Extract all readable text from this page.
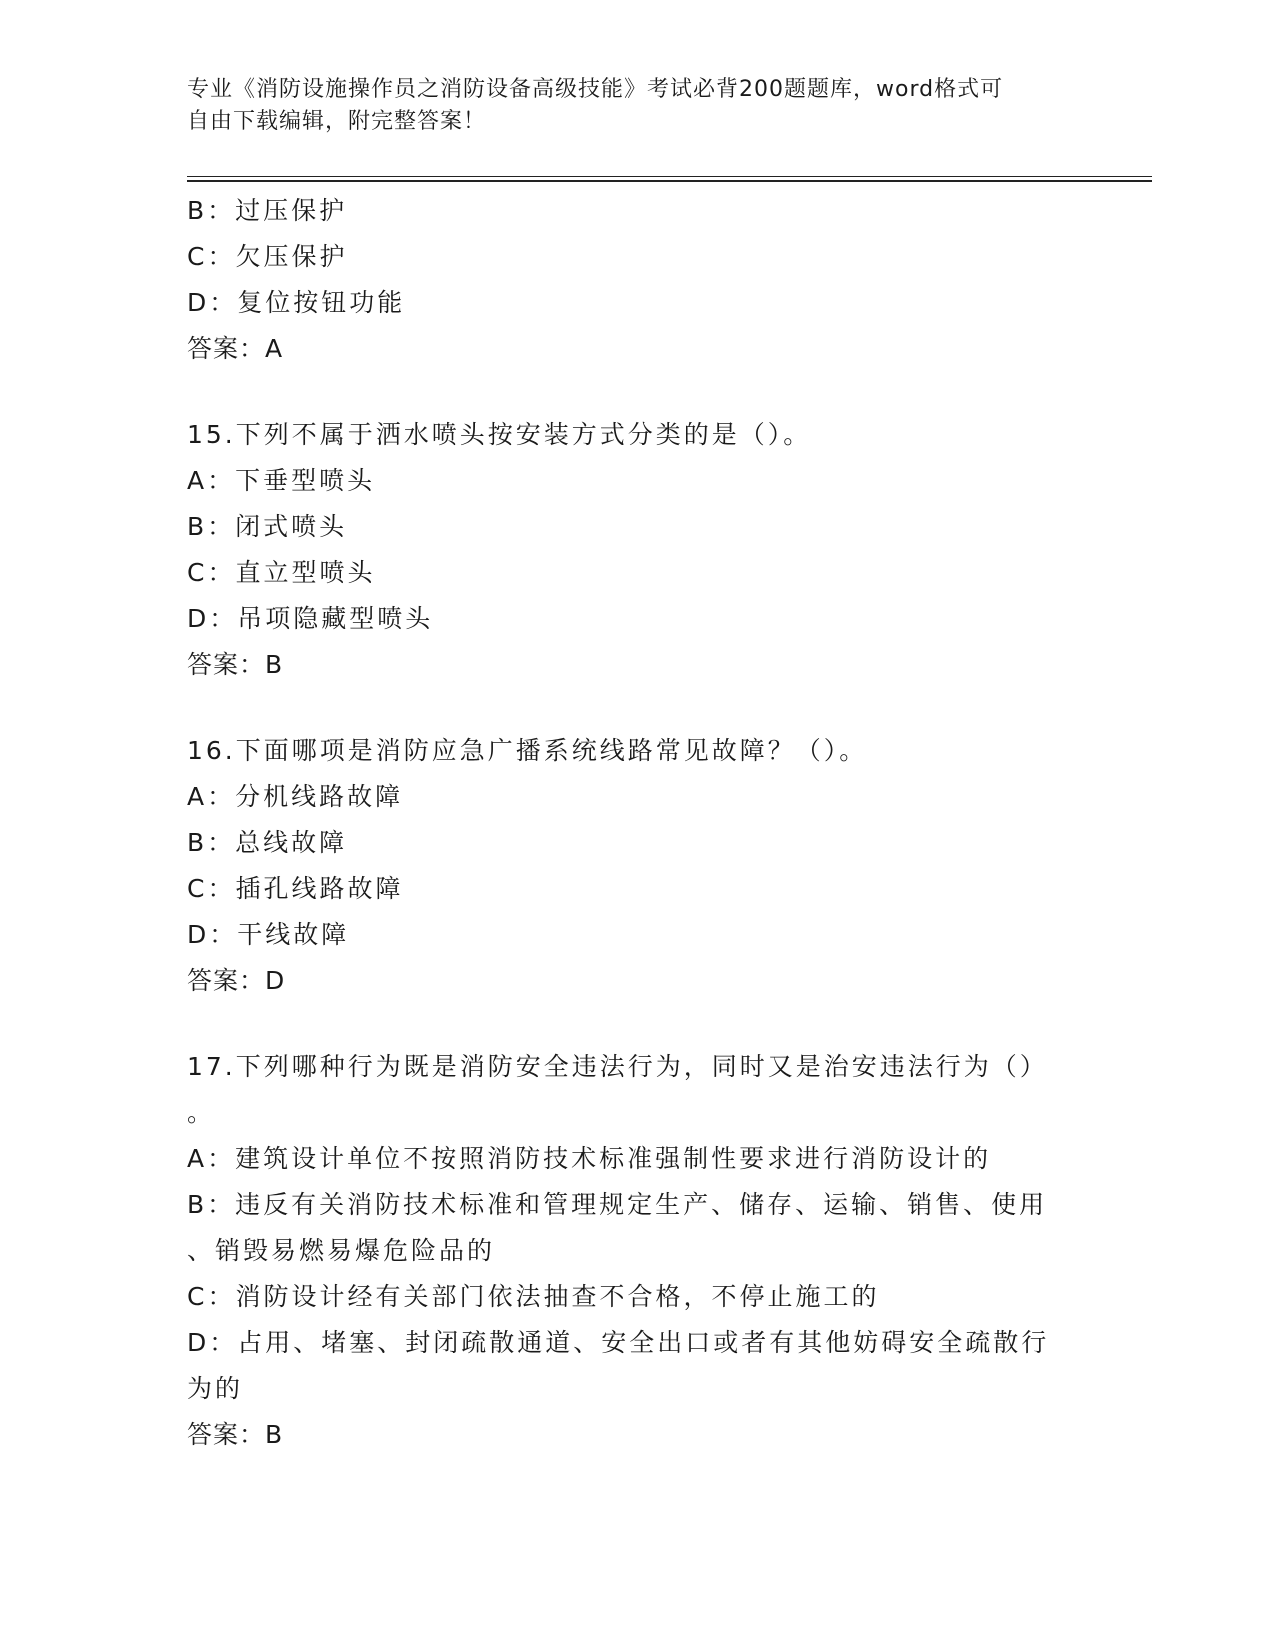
专业《消防设施操作员之消防设备高级技能》考试必背200题题库，word格式可
自由下载编辑，附完整答案！
B：过压保护
C：欠压保护
D：复位按钮功能
答案：A
15.下列不属于洒水喷头按安装方式分类的是（）。
A：下垂型喷头
B：闭式喷头
C：直立型喷头
D：吊项隐藏型喷头
答案：B
16.下面哪项是消防应急广播系统线路常见故障？（）。
A：分机线路故障
B：总线故障
C：插孔线路故障
D：干线故障
答案：D
17.下列哪种行为既是消防安全违法行为，同时又是治安违法行为（）
。
A：建筑设计单位不按照消防技术标准强制性要求进行消防设计的
B：违反有关消防技术标准和管理规定生产、储存、运输、销售、使用
、销毁易燃易爆危险品的
C：消防设计经有关部门依法抽查不合格，不停止施工的
D：占用、堵塞、封闭疏散通道、安全出口或者有其他妨碍安全疏散行
为的
答案：B
